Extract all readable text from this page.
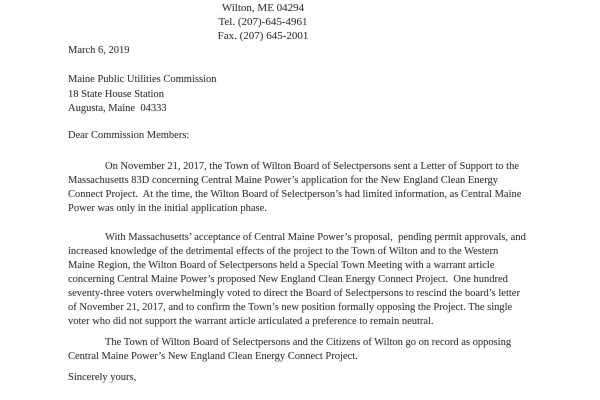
Wilton, ME 04294
Tel. (207)-645-4961
Fax. (207) 645-2001
March 6, 2019
Maine Public Utilities Commission
18 State House Station
Augusta, Maine  04333
Dear Commission Members:
On November 21, 2017, the Town of Wilton Board of Selectpersons sent a Letter of Support to the
Massachusetts 83D concerning Central Maine Power’s application for the New England Clean Energy
Connect Project.  At the time, the Wilton Board of Selectperson’s had limited information, as Central Maine
Power was only in the initial application phase.
With Massachusetts’ acceptance of Central Maine Power’s proposal,  pending permit approvals, and
increased knowledge of the detrimental effects of the project to the Town of Wilton and to the Western
Maine Region, the Wilton Board of Selectpersons held a Special Town Meeting with a warrant article
concerning Central Maine Power’s proposed New England Clean Energy Connect Project.  One hundred
seventy-three voters overwhelmingly voted to direct the Board of Selectpersons to rescind the board’s letter
of November 21, 2017, and to confirm the Town’s new position formally opposing the Project. The single
voter who did not support the warrant article articulated a preference to remain neutral.
The Town of Wilton Board of Selectpersons and the Citizens of Wilton go on record as opposing
Central Maine Power’s New England Clean Energy Connect Project.
Sincerely yours,
